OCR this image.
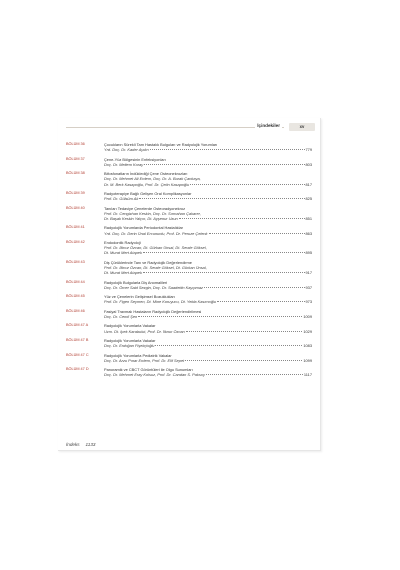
İçindekiler	xv
BÖLÜM 36	Çocukların Sürekli Tam Hastalık Bulguları ve Radyolojik Yorumları
Yrd. Doç. Dr. Kader Aydın	779
BÖLÜM 37	Çene-Yüz Bölgesinin Enfeksiyonları
Doç. Dr. Meltem Koray	803
BÖLÜM 38	Bifosfonatların İndüklediği Çene Osteonekrozları
Doç. Dr. Mehmet Ali Erdem, Doç. Dr. A. Burak Çankaya,
Dr. M. Berk Kasapoğlu, Prof. Dr. Çetin Kasapoğlu	817
BÖLÜM 39	Radyoterapiye Bağlı Gelişen Oral Komplikasyonlar
Prof. Dr. Gülsüm Ak	825
BÖLÜM 40	Tanıları Tedaviye Çenelerde Osteoradyonekroz
Prof. Dr. Cengizhan Keskin, Doç. Dr. Sırmahan Çakarer,
Dr. Başak Keskin Yalçın, Dt. Ayşenur Uzun	851
BÖLÜM 41	Radyolojik Yorumlarda Periodontal Hastalıklar
Yrd. Doç. Dr. Derin Ünal Ercununlu, Prof. Dr. Peruze Çelenk	863
BÖLÜM 42	Endodontik Radyoloji
Prof. Dr. İlknur Özcan, Dt. Gürkan Ünsal, Dt. Sevde Göksel,
Dt. Murat Mert Atapek	895
BÖLÜM 43	Diş Çürüklerinde Tanı ve Radyolojik Değerlendirme
Prof. Dr. İlknur Özcan, Dt. Sevde Göksel, Dt. Gürkan Ünsal,
Dt. Murat Mert Atapek	917
BÖLÜM 44	Radyolojik Bulgularla Diş Anomalileri
Doç. Dr. Ömer Said Sezgin, Doç. Dr. Saadettin Kayıpmaz	937
BÖLÜM 45	Yüz ve Çenelerin Gelişimsel Bozuklukları
Prof. Dr. Figen Seymen, Dt. Mine Koruyucu, Dt. Yelda Kasımoğlu	973
BÖLÜM 46	Fasiyal Travmalı Hastaların Radyolojik Değerlendirilmesi
Doç. Dr. Cemil Şen	1009
BÖLÜM 47 A	Radyolojik Yorumlarla Vakalar
Uzm. Dt. İpek Karabulut, Prof. Dr. İlknur Özcan	1029
BÖLÜM 47 B	Radyolojik Yorumlarla Vakalar
Doç. Dr. Erdoğan Fişekçioğlu	1083
BÖLÜM 47 C	Radyolojik Yorumlarla Pediatrik Vakalar
Doç. Dr. Arzu Pınar Erdem, Prof. Dr. Elif Sepet	1099
BÖLÜM 47 D	Panoramik ve CBCT Görüntüleri ile Olgu Sunumları
Doç. Dr. Mehmet Eray Kolsuz, Prof. Dr. Candan S. Paksoy	1117
İndeks 1133
